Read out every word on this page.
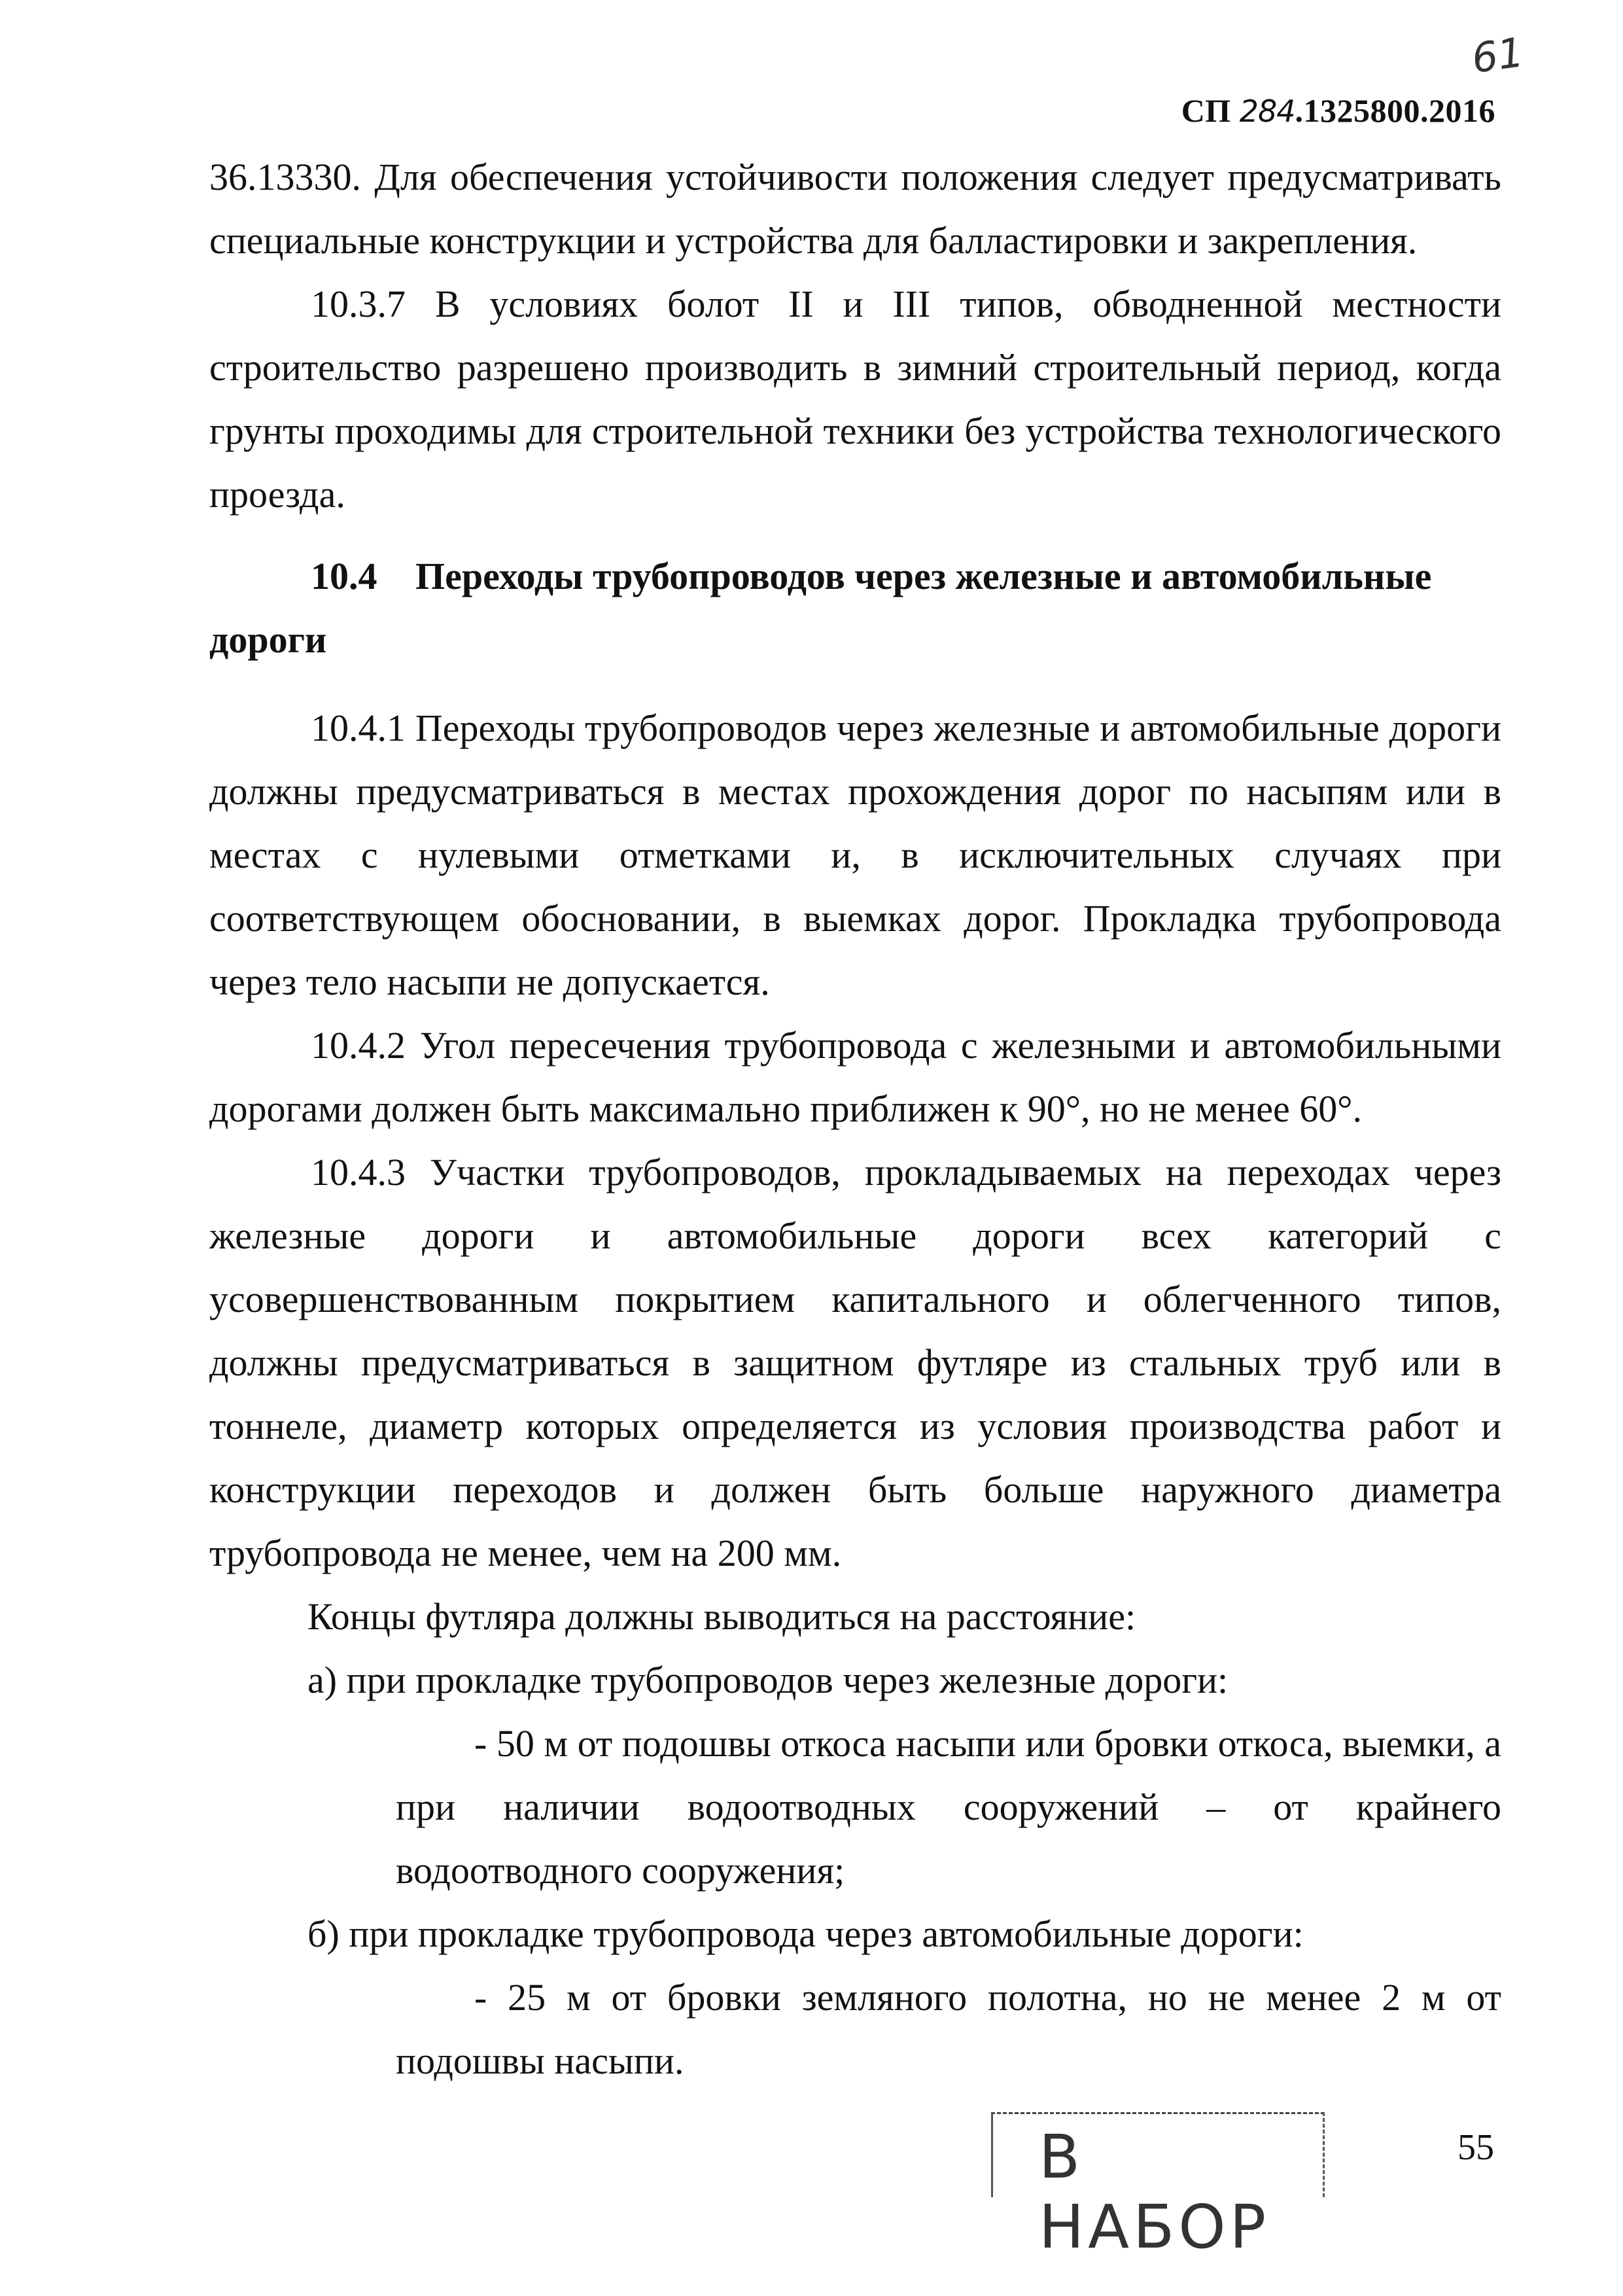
61
СП 284.1325800.2016

36.13330. Для обеспечения устойчивости положения следует предусматривать специальные конструкции и устройства для балластировки и закрепления.

10.3.7 В условиях болот II и III типов, обводненной местности строительство разрешено производить в зимний строительный период, когда грунты проходимы для строительной техники без устройства технологического проезда.

10.4 Переходы трубопроводов через железные и автомобильные дороги

10.4.1 Переходы трубопроводов через железные и автомобильные дороги должны предусматриваться в местах прохождения дорог по насыпям или в местах с нулевыми отметками и, в исключительных случаях при соответствующем обосновании, в выемках дорог. Прокладка трубопровода через тело насыпи не допускается.

10.4.2 Угол пересечения трубопровода с железными и автомобильными дорогами должен быть максимально приближен к 90°, но не менее 60°.

10.4.3 Участки трубопроводов, прокладываемых на переходах через железные дороги и автомобильные дороги всех категорий с усовершенствованным покрытием капитального и облегченного типов, должны предусматриваться в защитном футляре из стальных труб или в тоннеле, диаметр которых определяется из условия производства работ и конструкции переходов и должен быть больше наружного диаметра трубопровода не менее, чем на 200 мм.

Концы футляра должны выводиться на расстояние:

а) при прокладке трубопроводов через железные дороги:

- 50 м от подошвы откоса насыпи или бровки откоса, выемки, а при наличии водоотводных сооружений – от крайнего водоотводного сооружения;

б) при прокладке трубопровода через автомобильные дороги:

- 25 м от бровки земляного полотна, но не менее 2 м от подошвы насыпи.

В НАБОР
55
